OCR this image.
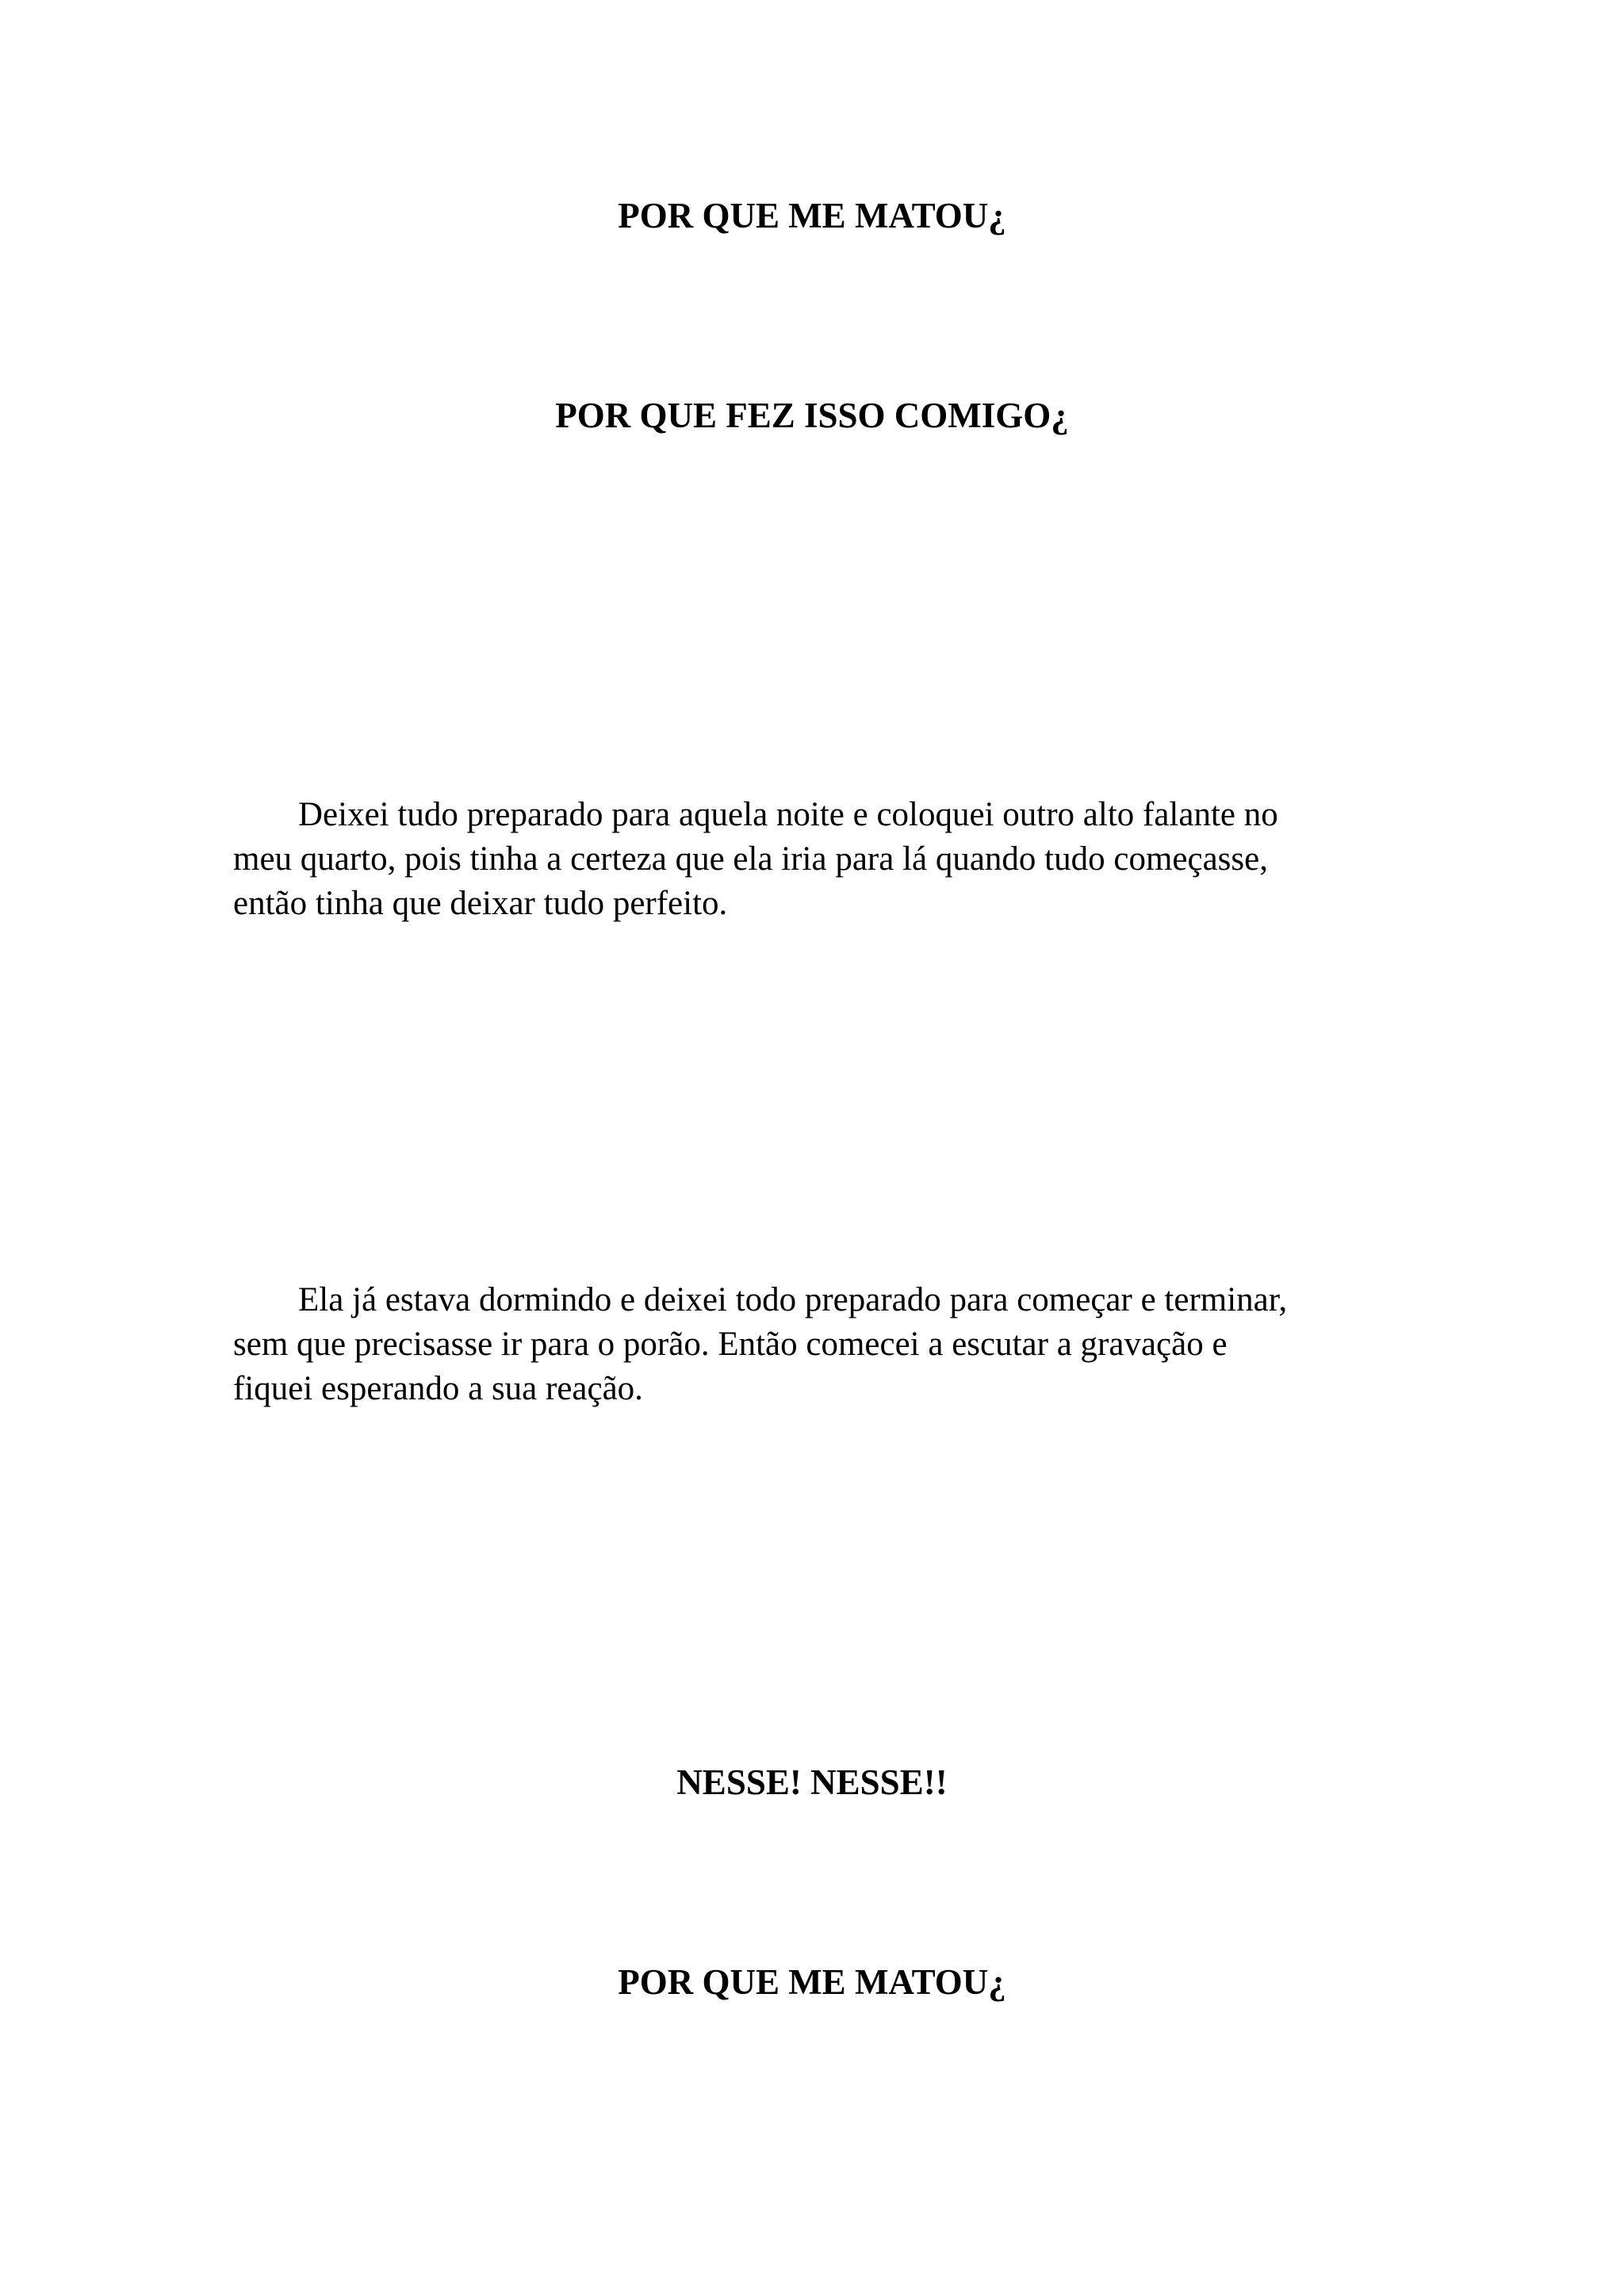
POR QUE ME MATOU¿
POR QUE FEZ ISSO COMIGO¿

Deixei tudo preparado para aquela noite e coloquei outro alto falante no
meu quarto, pois tinha a certeza que ela iria para lá quando tudo começasse,
então tinha que deixar tudo perfeito.

Ela já estava dormindo e deixei todo preparado para começar e terminar,
sem que precisasse ir para o porão. Então comecei a escutar a gravação e
fiquei esperando a sua reação.

NESSE! NESSE!!
POR QUE ME MATOU¿
